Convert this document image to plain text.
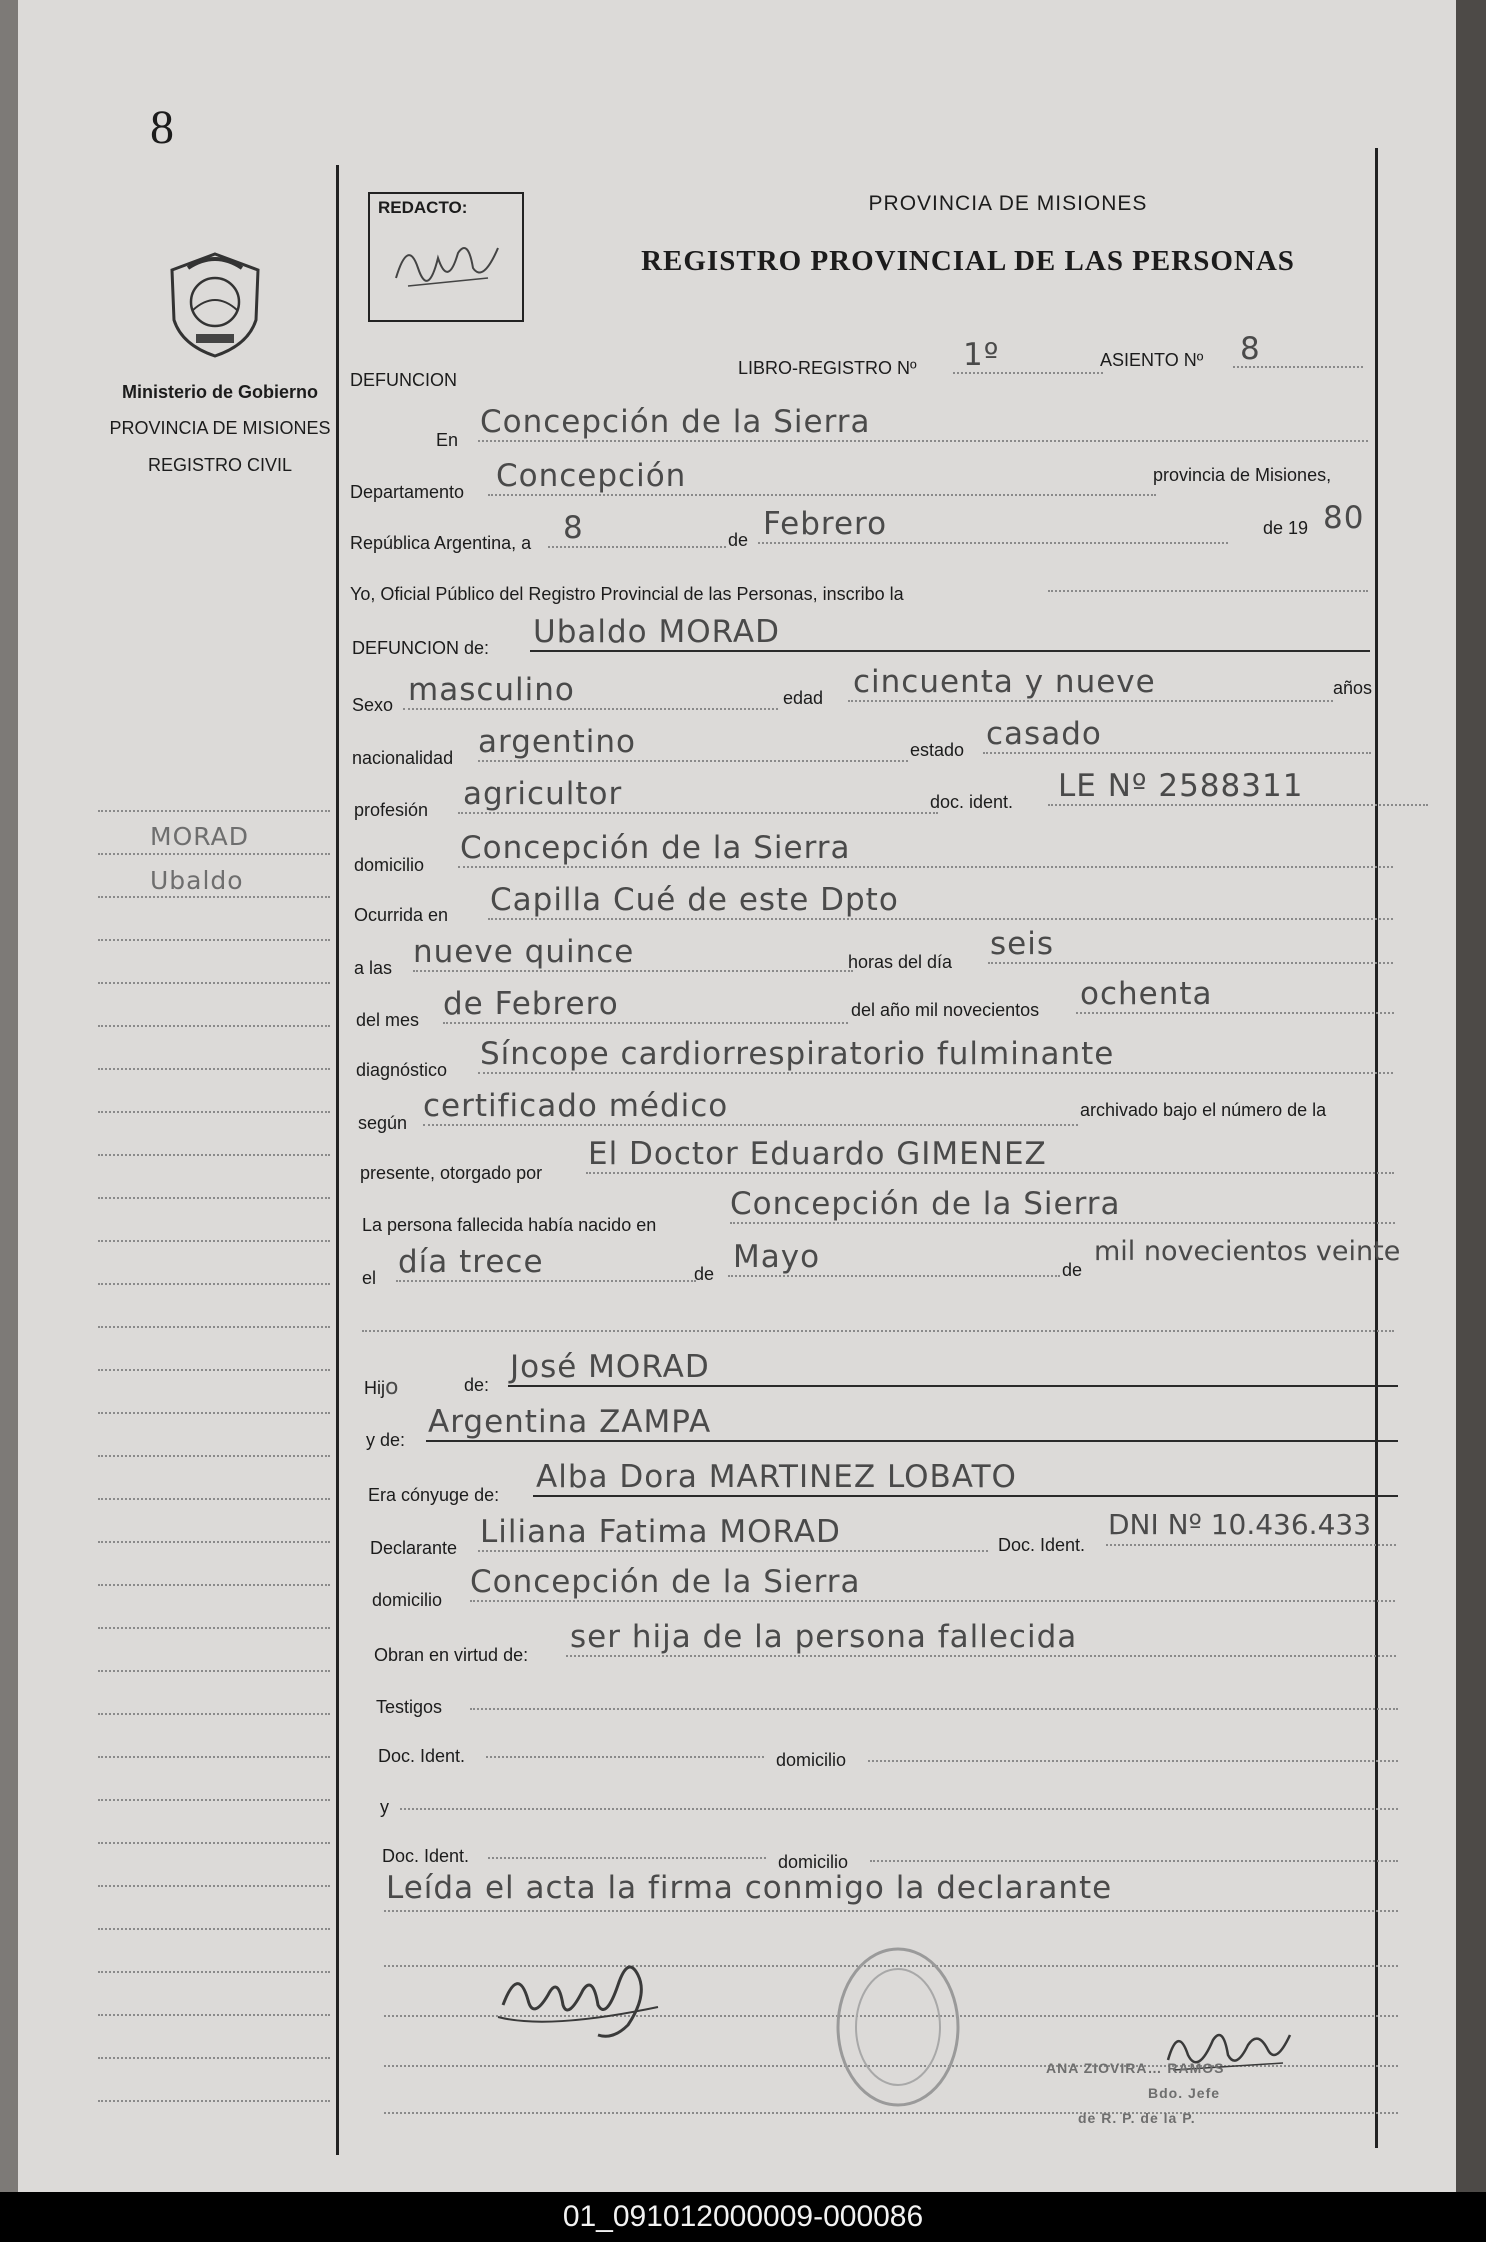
8
Ministerio de Gobierno
PROVINCIA DE MISIONES
REGISTRO CIVIL
MORAD
Ubaldo
REDACTO:	PROVINCIA DE MISIONES
REGISTRO PROVINCIAL DE LAS PERSONAS
DEFUNCION
LIBRO-REGISTRO Nº 1º	ASIENTO Nº 8
En Concepción de la Sierra
Departamento Concepción	provincia de Misiones,
República Argentina, a 8	de Febrero	de 19 80
Yo, Oficial Público del Registro Provincial de las Personas, inscribo la
DEFUNCION de: Ubaldo MORAD
Sexo masculino	edad cincuenta y nueve	años
nacionalidad argentino	estado casado
profesión agricultor	doc. ident. LE Nº 2588311
domicilio Concepción de la Sierra
Ocurrida en Capilla Cué de este Dpto
a las nueve quince	horas del día seis
del mes de Febrero	del año mil novecientos ochenta
diagnóstico Síncope cardiorrespiratorio fulminante
según certificado médico	archivado bajo el número de la
presente, otorgado por
El Doctor Eduardo GIMENEZ
La persona fallecida había nacido en
Concepción de la Sierra
el día trece	de Mayo	de
mil novecientos veinte
Hijo	de: José MORAD
y de: Argentina ZAMPA
Era cónyuge de: Alba Dora MARTINEZ LOBATO
Declarante Liliana Fatima MORAD	Doc. Ident.
DNI Nº 10.436.433
domicilio Concepción de la Sierra
Obran en virtud de: ser hija de la persona fallecida
Testigos
Doc. Ident.	domicilio
y
Doc. Ident.	domicilio
Leída el acta la firma conmigo la declarante
ANA ZIOVIRA… RAMOS
Bdo. Jefe
de R. P. de la P.
01_091012000009-000086
